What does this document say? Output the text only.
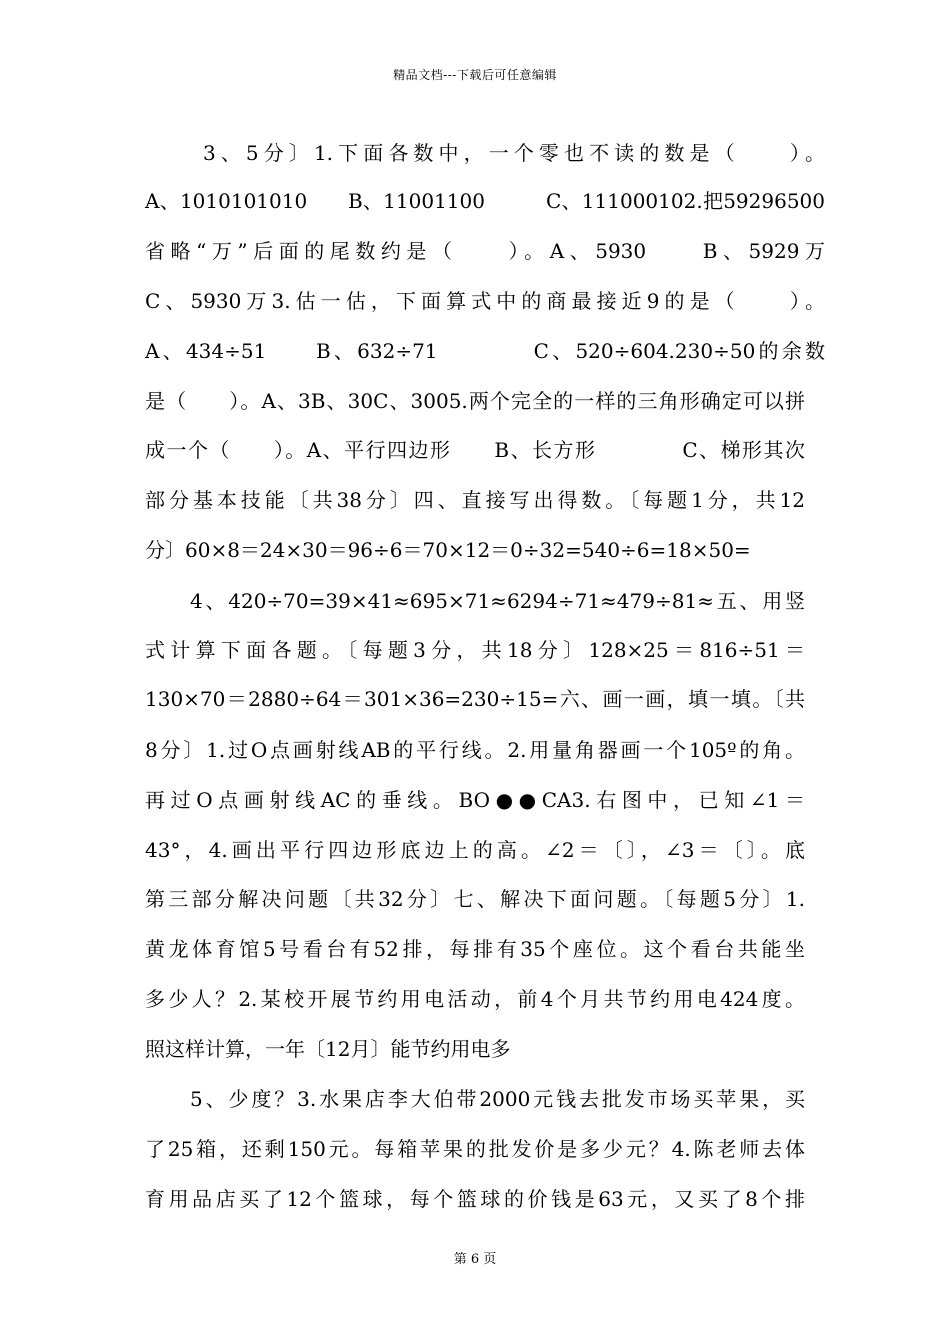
精品文档---下载后可任意编辑
3、5分〕1.下面各数中，一个零也不读的数是（　　）。
A、1010101010　　B、11001100　　　C、111000102.把59296500
省略“万”后面的尾数约是（　　）。A、5930　　B、5929万
C、5930万3.估一估，下面算式中的商最接近9的是（　　）。
A、434÷51　　B、632÷71　　　　C、520÷604.230÷50的余数
是（　　）。A、3B、30C、3005.两个完全的一样的三角形确定可以拼
成一个（　　）。A、平行四边形　　B、长方形　　　　C、梯形其次
部分基本技能〔共38分〕四、直接写出得数。〔每题1分，共12
分〕60×8＝24×30＝96÷6＝70×12＝0÷32=540÷6=18×50=
4、420÷70=39×41≈695×71≈6294÷71≈479÷81≈五、用竖
式计算下面各题。〔每题3分，共18分〕128×25＝816÷51＝
130×70＝2880÷64＝301×36=230÷15=六、画一画，填一填。〔共
8分〕1.过O点画射线AB的平行线。2.用量角器画一个105º的角。
再过O点画射线AC的垂线。BO●●CA3.右图中，已知∠1＝
43°，4.画出平行四边形底边上的高。∠2＝〔〕，∠3＝〔〕。底
第三部分解决问题〔共32分〕七、解决下面问题。〔每题5分〕1.
黄龙体育馆5号看台有52排，每排有35个座位。这个看台共能坐
多少人？2.某校开展节约用电活动，前4个月共节约用电424度。
照这样计算，一年〔12月〕能节约用电多
5、少度？3.水果店李大伯带2000元钱去批发市场买苹果，买
了25箱，还剩150元。每箱苹果的批发价是多少元？4.陈老师去体
育用品店买了12个篮球，每个篮球的价钱是63元，又买了8个排
第 6 页
